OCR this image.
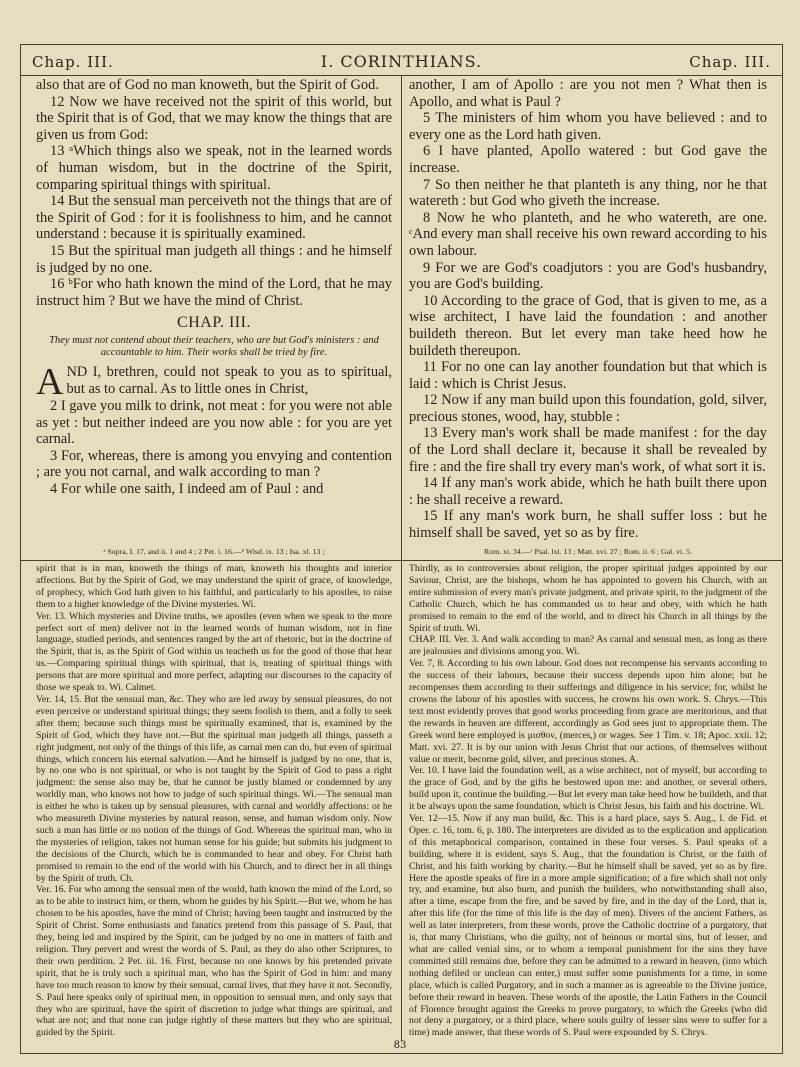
Chap. III.	I. CORINTHIANS.	Chap. III.

also that are of God no man knoweth, but the Spirit of God.

12 Now we have received not the spirit of this world, but the Spirit that is of God, that we may know the things that are given us from God:

13 ᵃWhich things also we speak, not in the learned words of human wisdom, but in the doctrine of the Spirit, comparing spiritual things with spiritual.

14 But the sensual man perceiveth not the things that are of the Spirit of God : for it is foolishness to him, and he cannot understand : because it is spiritually examined.

15 But the spiritual man judgeth all things : and he himself is judged by no one.

16 ᵇFor who hath known the mind of the Lord, that he may instruct him ? But we have the mind of Christ.

CHAP. III.
They must not contend about their teachers, who are but God's ministers : and accountable to him. Their works shall be tried by fire.
A ND I, brethren, could not speak to you as to spiritual, but as to carnal. As to little ones in Christ,

2 I gave you milk to drink, not meat : for you were not able as yet : but neither indeed are you now able : for you are yet carnal.

3 For, whereas, there is among you envying and contention ; are you not carnal, and walk according to man ?

4 For while one saith, I indeed am of Paul : and

another, I am of Apollo : are you not men ? What then is Apollo, and what is Paul ?

5 The ministers of him whom you have believed : and to every one as the Lord hath given.

6 I have planted, Apollo watered : but God gave the increase.

7 So then neither he that planteth is any thing, nor he that watereth : but God who giveth the increase.

8 Now he who planteth, and he who watereth, are one. ᶜAnd every man shall receive his own reward according to his own labour.

9 For we are God's coadjutors : you are God's husbandry, you are God's building.

10 According to the grace of God, that is given to me, as a wise architect, I have laid the foundation : and another buildeth thereon. But let every man take heed how he buildeth thereupon.

11 For no one can lay another foundation but that which is laid : which is Christ Jesus.

12 Now if any man build upon this foundation, gold, silver, precious stones, wood, hay, stubble :

13 Every man's work shall be made manifest : for the day of the Lord shall declare it, because it shall be revealed by fire : and the fire shall try every man's work, of what sort it is.

14 If any man's work abide, which he hath built there upon : he shall receive a reward.

15 If any man's work burn, he shall suffer loss : but he himself shall be saved, yet so as by fire.

ᵃ Supra, I. 17, and ii. 1 and 4 ; 2 Pet. i. 16.—ᵇ Wisd. ix. 13 ; Isa. xl. 13 ;	Rom. xi. 34.—ᶜ Psal. lxi. 13 ; Matt. xvi. 27 ; Rom. ii. 6 ; Gal. vi. 5.

spirit that is in man, knoweth the things of man, knoweth his thoughts and interior affections. But by the Spirit of God, we may understand the spirit of grace, of knowledge, of prophecy, which God hath given to his faithful, and particularly to his apostles, to raise them to a higher knowledge of the Divine mysteries. Wi.

Ver. 13. Which mysteries and Divine truths, we apostles (even when we speak to the more perfect sort of men) deliver not in the learned words of human wisdom, not in fine language, studied periods, and sentences ranged by the art of rhetoric, but in the doctrine of the Spirit, that is, as the Spirit of God within us teacheth us for the good of those that hear us.—Comparing spiritual things with spiritual, that is, treating of spiritual things with persons that are more spiritual and more perfect, adapting our discourses to the capacity of those we speak to. Wi. Calmet.

Ver. 14, 15. But the sensual man, &c. They who are led away by sensual pleasures, do not even perceive or understand spiritual things; they seem foolish to them, and a folly to seek after them; because such things must be spiritually examined, that is, examined by the Spirit of God, which they have not.—But the spiritual man judgeth all things, passeth a right judgment, not only of the things of this life, as carnal men can do, but even of spiritual things, which concern his eternal salvation.—And he himself is judged by no one, that is, by no one who is not spiritual, or who is not taught by the Spirit of God to pass a right judgment: the sense also may be, that he cannot be justly blamed or condemned by any worldly man, who knows not how to judge of such spiritual things. Wi.—The sensual man is either he who is taken up by sensual pleasures, with carnal and worldly affections: or he who measureth Divine mysteries by natural reason, sense, and human wisdom only. Now such a man has little or no notion of the things of God. Whereas the spiritual man, who in the mysteries of religion, takes not human sense for his guide; but submits his judgment to the decisions of the Church, which he is commanded to hear and obey. For Christ hath promised to remain to the end of the world with his Church, and to direct her in all things by the Spirit of truth. Ch.

Ver. 16. For who among the sensual men of the world, hath known the mind of the Lord, so as to be able to instruct him, or them, whom he guides by his Spirit.—But we, whom he has chosen to be his apostles, have the mind of Christ; having been taught and instructed by the Spirit of Christ. Some enthusiasts and fanatics pretend from this passage of S. Paul, that they, being led and inspired by the Spirit, can be judged by no one in matters of faith and religion. They pervert and wrest the words of S. Paul, as they do also other Scriptures, to their own perdition. 2 Pet. iii. 16. First, because no one knows by his pretended private spirit, that he is truly such a spiritual man, who has the Spirit of God in him: and many have too much reason to know by their sensual, carnal lives, that they have it not. Secondly, S. Paul here speaks only of spiritual men, in opposition to sensual men, and only says that they who are spiritual, have the spirit of discretion to judge what things are spiritual, and what are not; and that none can judge rightly of these matters but they who are spiritual, guided by the Spirit.

Thirdly, as to controversies about religion, the proper spiritual judges appointed by our Saviour, Christ, are the bishops, whom he has appointed to govern his Church, with an entire submission of every man's private judgment, and private spirit, to the judgment of the Catholic Church, which he has commanded us to hear and obey, with which he hath promised to remain to the end of the world, and to direct his Church in all things by the Spirit of truth. Wi.

CHAP. III. Ver. 3. And walk according to man? As carnal and sensual men, as long as there are jealousies and divisions among you. Wi.

Ver. 7, 8. According to his own labour. God does not recompense his servants according to the success of their labours, because their success depends upon him alone; but he recompenses them according to their sufferings and diligence in his service; for, whilst he crowns the labour of his apostles with success, he crowns his own work. S. Chrys.—This text most evidently proves that good works proceeding from grace are meritorious, and that the rewards in heaven are different, accordingly as God sees just to appropriate them. The Greek word here employed is μισθον, (merces,) or wages. See 1 Tim. v. 18; Apoc. xxii. 12; Matt. xvi. 27. It is by our union with Jesus Christ that our actions, of themselves without value or merit, become gold, silver, and precious stones. A.

Ver. 10. I have laid the foundation well, as a wise architect, not of myself, but according to the grace of God, and by the gifts he bestowed upon me: and another, or several others, build upon it, continue the building.—But let every man take heed how he buildeth, and that it be always upon the same foundation, which is Christ Jesus, his faith and his doctrine. Wi.

Ver. 12—15. Now if any man build, &c. This is a hard place, says S. Aug., l. de Fid. et Oper. c. 16, tom. 6, p. 180. The interpreters are divided as to the explication and application of this metaphorical comparison, contained in these four verses. S. Paul speaks of a building, where it is evident, says S. Aug., that the foundation is Christ, or the faith of Christ, and his faith working by charity.—But he himself shall be saved, yet so as by fire. Here the apostle speaks of fire in a more ample signification; of a fire which shall not only try, and examine, but also burn, and punish the builders, who notwithstanding shall also, after a time, escape from the fire, and be saved by fire, and in the day of the Lord, that is, after this life (for the time of this life is the day of men). Divers of the ancient Fathers, as well as later interpreters, from these words, prove the Catholic doctrine of a purgatory, that is, that many Christians, who die guilty, not of heinous or mortal sins, but of lesser, and what are called venial sins, or to whom a temporal punishment for the sins they have committed still remains due, before they can be admitted to a reward in heaven, (into which nothing defiled or unclean can enter,) must suffer some punishments for a time, in some place, which is called Purgatory, and in such a manner as is agreeable to the Divine justice, before their reward in heaven. These words of the apostle, the Latin Fathers in the Council of Florence brought against the Greeks to prove purgatory, to which the Greeks (who did not deny a purgatory, or a third place, where souls guilty of lesser sins were to suffer for a time) made answer, that these words of S. Paul were expounded by S. Chrys.

83
